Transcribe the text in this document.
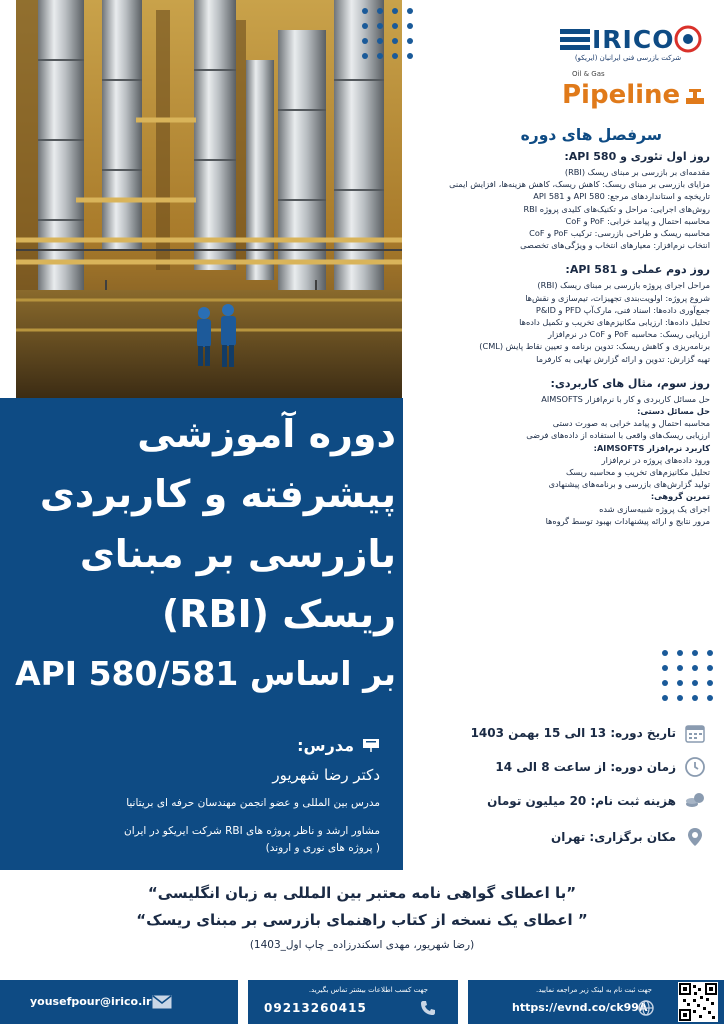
دوره آموزشی
پیشرفته و کاربردی
بازرسی بر مبنای
ریسک (RBI)
بر اساس API 580/581
مدرس:
دکتر رضا شهریور
مدرس بین المللی و عضو انجمن مهندسان حرفه ای بریتانیا
مشاور ارشد و ناظر پروژه های RBI شرکت ایریکو در ایران
( پروژه های نوری و اروند)
IRICO
شرکت بازرسی فنی ایرانیان (ایریکو)
Oil & Gas
Pipeline
سرفصل های دوره
روز اول تئوری و API 580:
مقدمه‌ای بر بازرسی بر مبنای ریسک (RBI)
مزایای بازرسی بر مبنای ریسک: کاهش ریسک، کاهش هزینه‌ها، افزایش ایمنی
تاریخچه و استانداردهای مرجع: API 580 و API 581
روش‌های اجرایی: مراحل و تکنیک‌های کلیدی پروژه RBI
محاسبه احتمال و پیامد خرابی: PoF و CoF
محاسبه ریسک و طراحی بازرسی: ترکیب PoF و CoF
انتخاب نرم‌افزار: معیارهای انتخاب و ویژگی‌های تخصصی
روز دوم عملی و API 581:
مراحل اجرای پروژه بازرسی بر مبنای ریسک (RBI)
شروع پروژه: اولویت‌بندی تجهیزات، تیم‌سازی و نقش‌ها
جمع‌آوری داده‌ها: اسناد فنی، مارک‌آپ PFD و P&ID
تحلیل داده‌ها: ارزیابی مکانیزم‌های تخریب و تکمیل داده‌ها
ارزیابی ریسک: محاسبه PoF و CoF در نرم‌افزار
برنامه‌ریزی و کاهش ریسک: تدوین برنامه و تعیین نقاط پایش (CML)
تهیه گزارش: تدوین و ارائه گزارش نهایی به کارفرما
روز سوم، مثال های کاربردی:
حل مسائل کاربردی و کار با نرم‌افزار AIMSOFTS
حل مسائل دستی:
محاسبه احتمال و پیامد خرابی به صورت دستی
ارزیابی ریسک‌های واقعی با استفاده از داده‌های فرضی
کاربرد نرم‌افزار AIMSOFTS:
ورود داده‌های پروژه در نرم‌افزار
تحلیل مکانیزم‌های تخریب و محاسبه ریسک
تولید گزارش‌های بازرسی و برنامه‌های پیشنهادی
تمرین گروهی:
اجرای یک پروژه شبیه‌سازی شده
مرور نتایج و ارائه پیشنهادات بهبود توسط گروه‌ها
تاریخ دوره: 13 الی 15 بهمن 1403
زمان دوره: از ساعت 8 الی 14
هزینه ثبت نام: 20 میلیون تومان
مکان برگزاری: تهران
”با اعطای گواهی نامه معتبر بین المللی به زبان انگلیسی“
” اعطای یک نسخه از کتاب راهنمای بازرسی بر مبنای ریسک“
(رضا شهریور، مهدی اسکندرزاده_ چاپ اول_1403)
yousefpour@irico.ir
جهت کسب اطلاعات بیشتر تماس بگیرید.
09213260415
جهت ثبت نام به لینک زیر مراجعه نمایید.
https://evnd.co/ck99A
